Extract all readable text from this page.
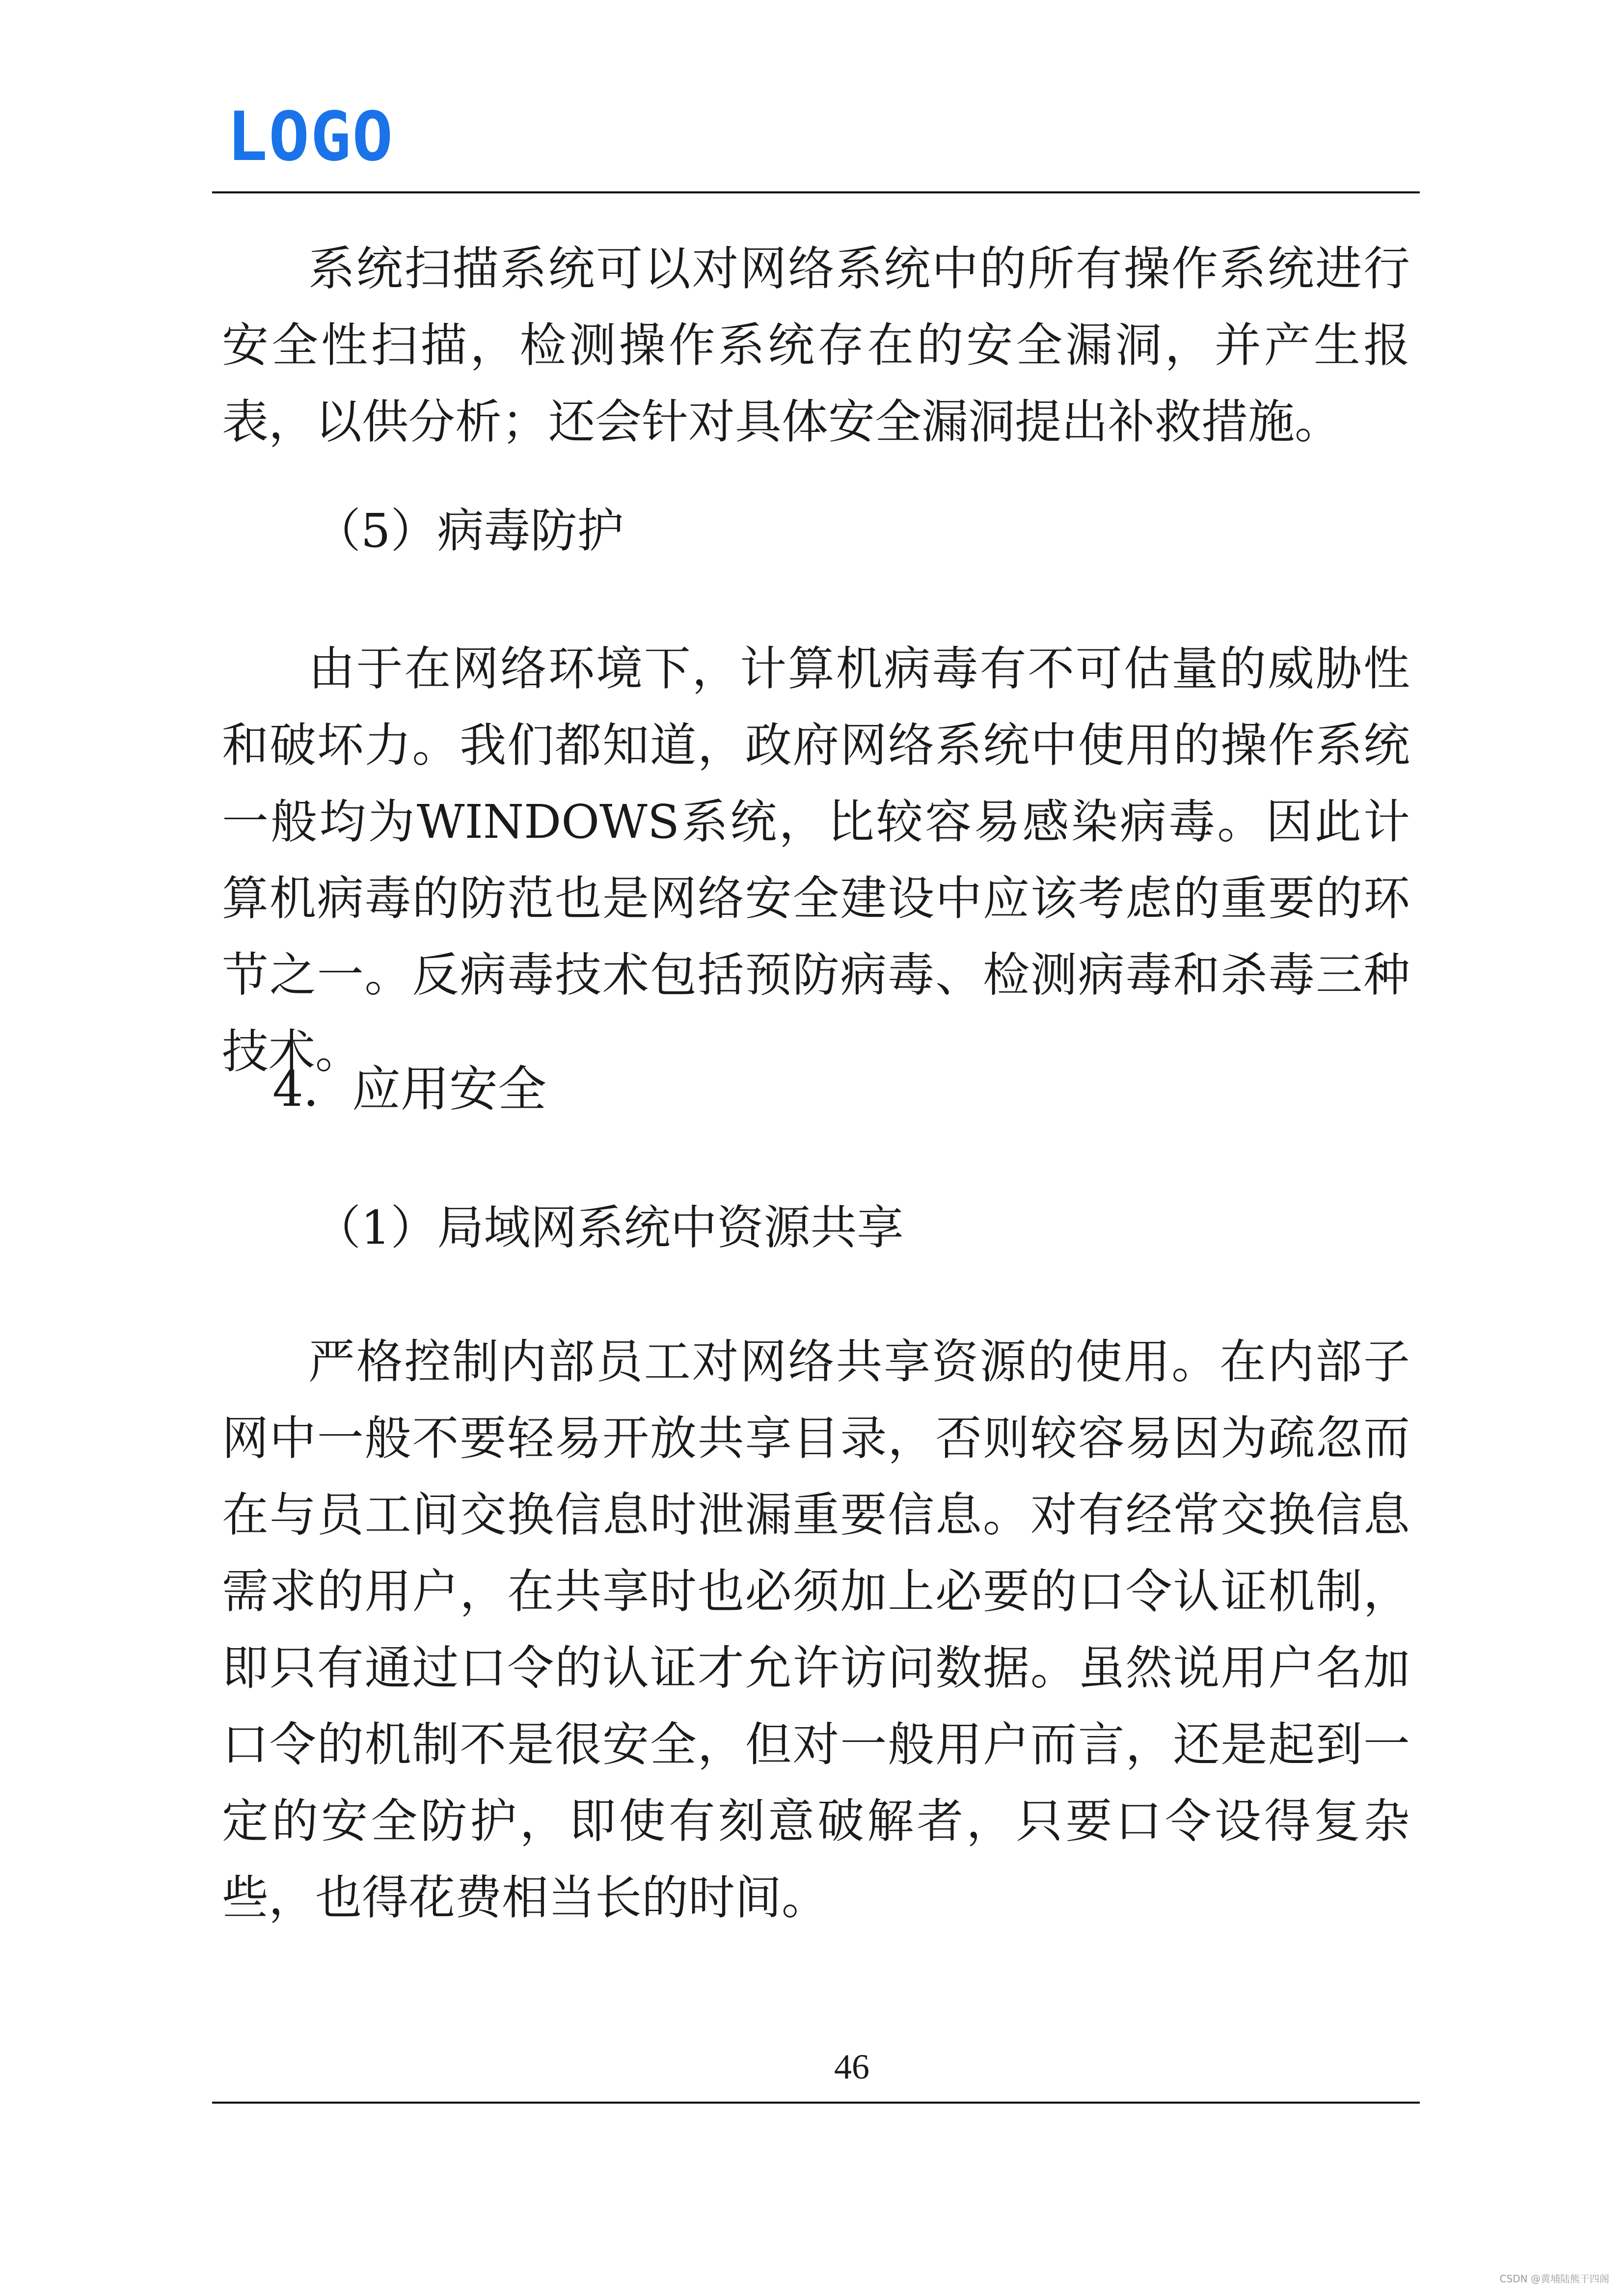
LOGO

系统扫描系统可以对网络系统中的所有操作系统进行安全性扫描，检测操作系统存在的安全漏洞，并产生报表，以供分析；还会针对具体安全漏洞提出补救措施。

（5）病毒防护

由于在网络环境下，计算机病毒有不可估量的威胁性和破坏力。我们都知道，政府网络系统中使用的操作系统一般均为WINDOWS系统，比较容易感染病毒。因此计算机病毒的防范也是网络安全建设中应该考虑的重要的环节之一。反病毒技术包括预防病毒、检测病毒和杀毒三种技术。

4．应用安全

（1）局域网系统中资源共享

严格控制内部员工对网络共享资源的使用。在内部子网中一般不要轻易开放共享目录，否则较容易因为疏忽而在与员工间交换信息时泄漏重要信息。对有经常交换信息需求的用户，在共享时也必须加上必要的口令认证机制，即只有通过口令的认证才允许访问数据。虽然说用户名加口令的机制不是很安全，但对一般用户而言，还是起到一定的安全防护，即使有刻意破解者，只要口令设得复杂些，也得花费相当长的时间。

46
CSDN @黄埔陆熊干四阁
